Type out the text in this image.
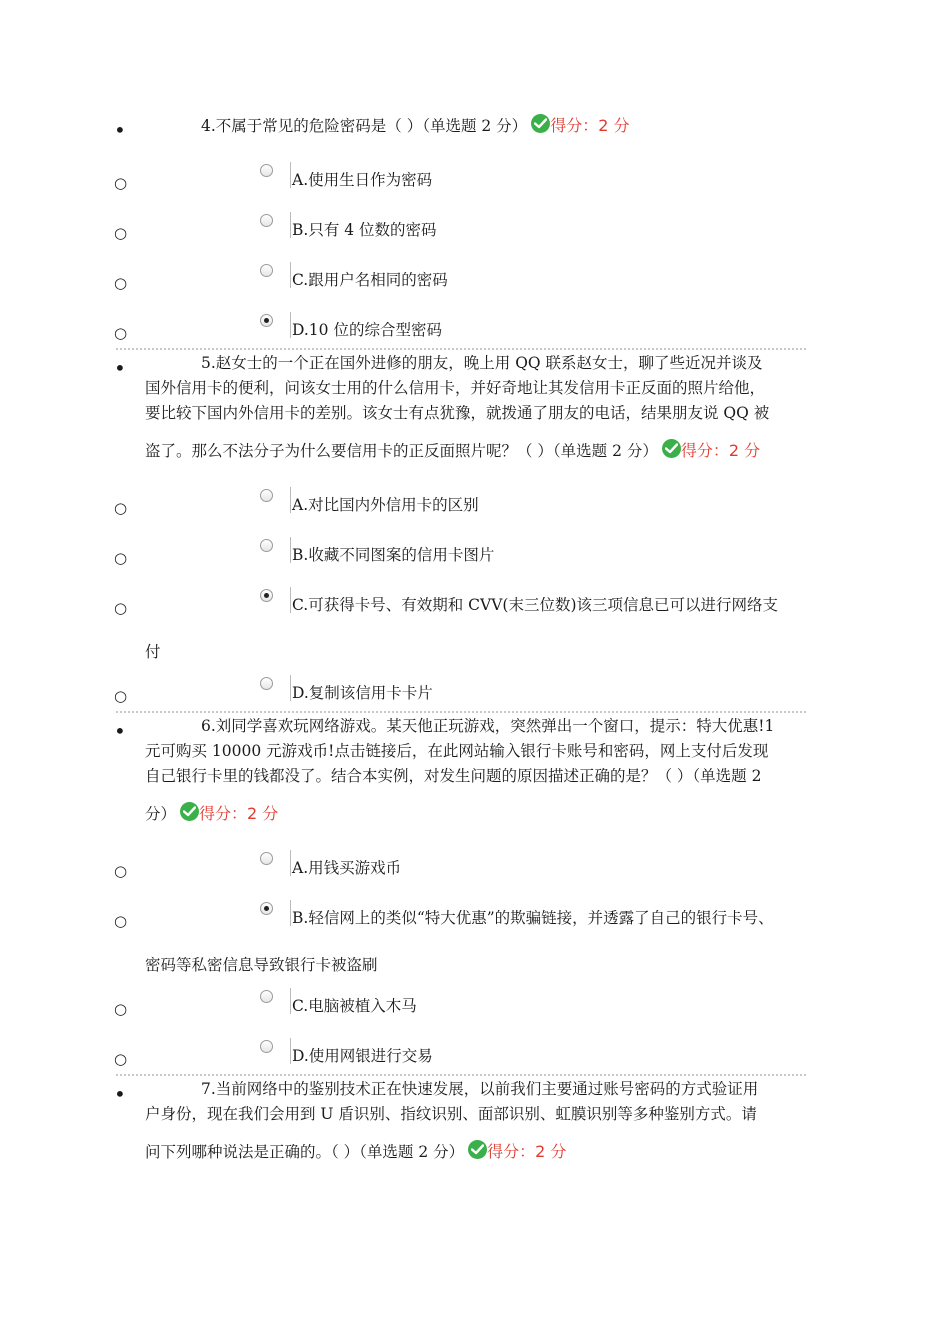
•	4.不属于常见的危险密码是（ ）（单选题 2 分） 得分：2 分
○	A.使用生日作为密码
○	B.只有 4 位数的密码
○	C.跟用户名相同的密码
○	D.10 位的综合型密码
•	5.赵女士的一个正在国外进修的朋友，晚上用 QQ 联系赵女士，聊了些近况并谈及
国外信用卡的便利，问该女士用的什么信用卡，并好奇地让其发信用卡正反面的照片给他，
要比较下国内外信用卡的差别。该女士有点犹豫，就拨通了朋友的电话，结果朋友说 QQ 被
盗了。那么不法分子为什么要信用卡的正反面照片呢？（ ）（单选题 2 分） 得分：2 分
○	A.对比国内外信用卡的区别
○	B.收藏不同图案的信用卡图片
○	C.可获得卡号、有效期和 CVV(末三位数)该三项信息已可以进行网络支
付
○	D.复制该信用卡卡片
•	6.刘同学喜欢玩网络游戏。某天他正玩游戏，突然弹出一个窗口，提示：特大优惠!1
元可购买 10000 元游戏币!点击链接后，在此网站输入银行卡账号和密码，网上支付后发现
自己银行卡里的钱都没了。结合本实例，对发生问题的原因描述正确的是？（ ）（单选题 2
分） 得分：2 分
○	A.用钱买游戏币
○	B.轻信网上的类似“特大优惠”的欺骗链接，并透露了自己的银行卡号、
密码等私密信息导致银行卡被盗刷
○	C.电脑被植入木马
○	D.使用网银进行交易
•	7.当前网络中的鉴别技术正在快速发展，以前我们主要通过账号密码的方式验证用
户身份，现在我们会用到 U 盾识别、指纹识别、面部识别、虹膜识别等多种鉴别方式。请
问下列哪种说法是正确的。（ ）（单选题 2 分） 得分：2 分
